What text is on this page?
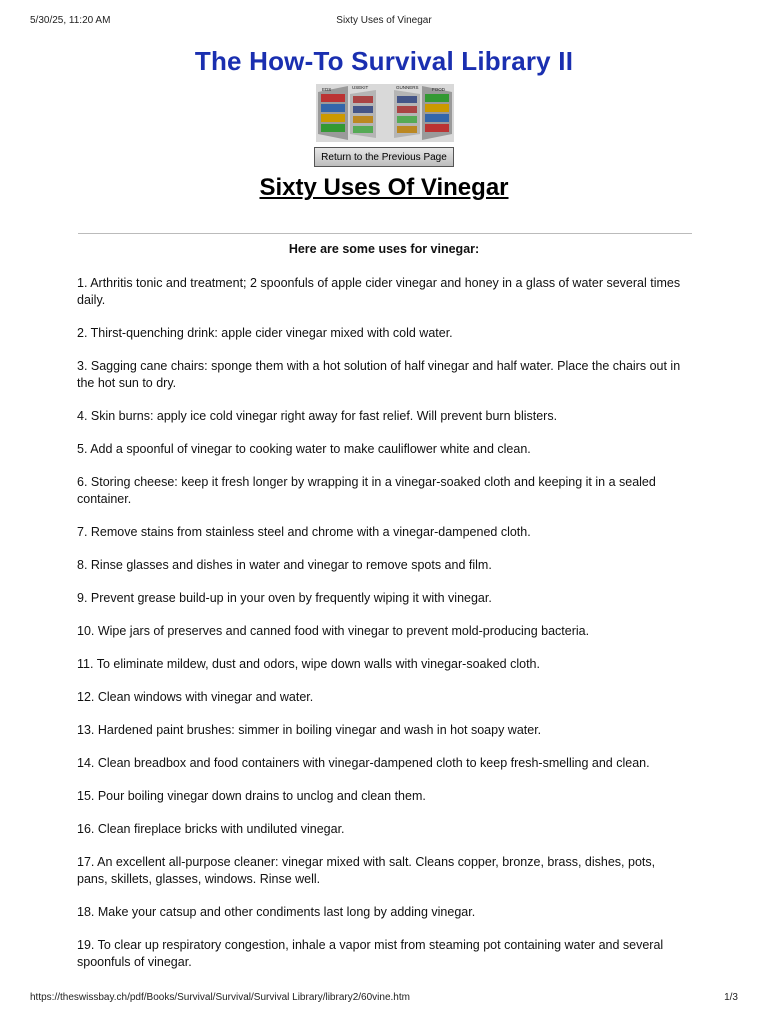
5/30/25, 11:20 AM	Sixty Uses of Vinegar
The How-To Survival Library II
EDS	USEKIT	GUNNERS	FOOD
Return to the Previous Page
Sixty Uses Of Vinegar
Here are some uses for vinegar:
1. Arthritis tonic and treatment; 2 spoonfuls of apple cider vinegar and honey in a glass of water several times daily.
2. Thirst-quenching drink: apple cider vinegar mixed with cold water.
3. Sagging cane chairs: sponge them with a hot solution of half vinegar and half water. Place the chairs out in the hot sun to dry.
4. Skin burns: apply ice cold vinegar right away for fast relief. Will prevent burn blisters.
5. Add a spoonful of vinegar to cooking water to make cauliflower white and clean.
6. Storing cheese: keep it fresh longer by wrapping it in a vinegar-soaked cloth and keeping it in a sealed container.
7. Remove stains from stainless steel and chrome with a vinegar-dampened cloth.
8. Rinse glasses and dishes in water and vinegar to remove spots and film.
9. Prevent grease build-up in your oven by frequently wiping it with vinegar.
10. Wipe jars of preserves and canned food with vinegar to prevent mold-producing bacteria.
11. To eliminate mildew, dust and odors, wipe down walls with vinegar-soaked cloth.
12. Clean windows with vinegar and water.
13. Hardened paint brushes: simmer in boiling vinegar and wash in hot soapy water.
14. Clean breadbox and food containers with vinegar-dampened cloth to keep fresh-smelling and clean.
15. Pour boiling vinegar down drains to unclog and clean them.
16. Clean fireplace bricks with undiluted vinegar.
17. An excellent all-purpose cleaner: vinegar mixed with salt. Cleans copper, bronze, brass, dishes, pots, pans, skillets, glasses, windows. Rinse well.
18. Make your catsup and other condiments last long by adding vinegar.
19. To clear up respiratory congestion, inhale a vapor mist from steaming pot containing water and several spoonfuls of vinegar.
https://theswissbay.ch/pdf/Books/Survival/Survival/Survival Library/library2/60vine.htm	1/3
